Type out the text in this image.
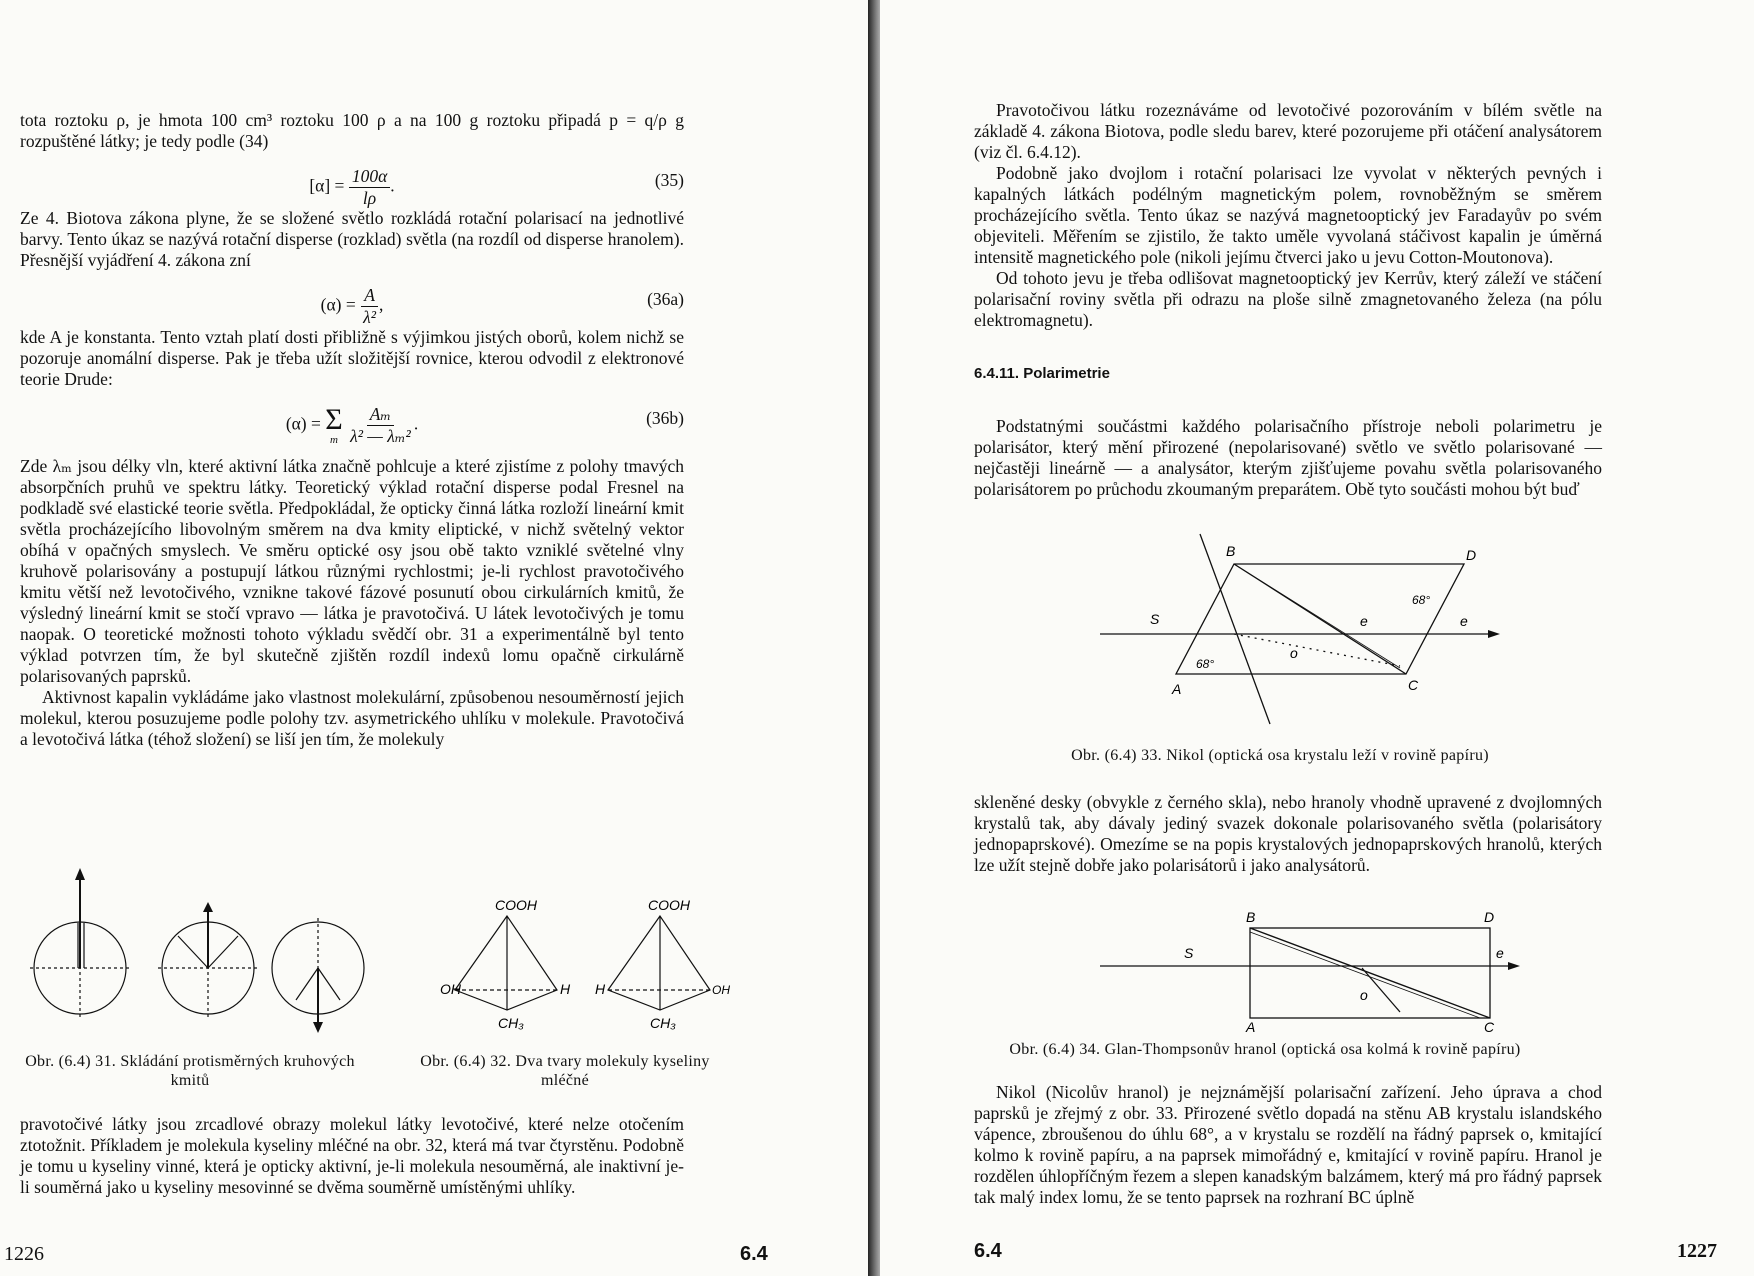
tota roztoku ρ, je hmota 100 cm³ roztoku 100 ρ a na 100 g roztoku připadá p = q/ρ g rozpuštěné látky; je tedy podle (34)

$[\alpha] = \frac{100\alpha}{l\rho}$ .	(35)

Ze 4. Biotova zákona plyne, že se složené světlo rozkládá rotační polarisací na jednotlivé barvy. Tento úkaz se nazývá rotační disperse (rozklad) světla (na rozdíl od disperse hranolem). Přesnější vyjádření 4. zákona zní

$(\alpha) = \frac{A}{\text{λ²}}$ ,	(36a)

kde A je konstanta. Tento vztah platí dosti přibližně s výjimkou jistých oborů, kolem nichž se pozoruje anomální disperse. Pak je třeba užít složitější rovnice, kterou odvodil z elektronové teorie Drude:

(α) = Σ
m
$\frac{\text{Aₘ}}{\text{λ² — λₘ²}}$ .	(36b)

Zde λₘ jsou délky vln, které aktivní látka značně pohlcuje a které zjistíme z polohy tmavých absorpčních pruhů ve spektru látky. Teoretický výklad rotační disperse podal Fresnel na podkladě své elastické teorie světla. Předpokládal, že opticky činná látka rozloží lineární kmit světla procházejícího libovolným směrem na dva kmity eliptické, v nichž světelný vektor obíhá v opačných smyslech. Ve směru optické osy jsou obě takto vzniklé světelné vlny kruhově polarisovány a postupují látkou různými rychlostmi; je-li rychlost pravotočivého kmitu větší než levotočivého, vznikne takové fázové posunutí obou cirkulárních kmitů, že výsledný lineární kmit se stočí vpravo — látka je pravotočivá. U látek levotočivých je tomu naopak. O teoretické možnosti tohoto výkladu svědčí obr. 31 a experimentálně byl tento výklad potvrzen tím, že byl skutečně zjištěn rozdíl indexů lomu opačně cirkulárně polarisovaných paprsků.

Aktivnost kapalin vykládáme jako vlastnost molekulární, způsobenou nesouměrností jejich molekul, kterou posuzujeme podle polohy tzv. asymetrického uhlíku v molekule. Pravotočivá a levotočivá látka (téhož složení) se liší jen tím, že molekuly

Obr. (6.4) 31. Skládání protisměrných kruhových kmitů
COOH
OH	H
CH₃
COOH
H	OH
CH₃
Obr. (6.4) 32. Dva tvary molekuly kyseliny mléčné

pravotočivé látky jsou zrcadlové obrazy molekul látky levotočivé, které nelze otočením ztotožnit. Příkladem je molekula kyseliny mléčné na obr. 32, která má tvar čtyrstěnu. Podobně je tomu u kyseliny vinné, která je opticky aktivní, je-li molekula nesouměrná, ale inaktivní je-li souměrná jako u kyseliny mesovinné se dvěma souměrně umístěnými uhlíky.

1226	6.4

Pravotočivou látku rozeznáváme od levotočivé pozorováním v bílém světle na základě 4. zákona Biotova, podle sledu barev, které pozorujeme při otáčení analysátorem (viz čl. 6.4.12).

Podobně jako dvojlom i rotační polarisaci lze vyvolat v některých pevných i kapalných látkách podélným magnetickým polem, rovnoběžným se směrem procházejícího světla. Tento úkaz se nazývá magnetooptický jev Faradayův po svém objeviteli. Měřením se zjistilo, že takto uměle vyvolaná stáčivost kapalin je úměrná intensitě magnetického pole (nikoli jejímu čtverci jako u jevu Cotton-Moutonova).

Od tohoto jevu je třeba odlišovat magnetooptický jev Kerrův, který záleží ve stáčení polarisační roviny světla při odrazu na ploše silně zmagnetovaného železa (na pólu elektromagnetu).

6.4.11. Polarimetrie

Podstatnými součástmi každého polarisačního přístroje neboli polarimetru je polarisátor, který mění přirozené (nepolarisované) světlo ve světlo polarisované — nejčastěji lineárně — a analysátor, kterým zjišťujeme povahu světla polarisovaného polarisátorem po průchodu zkoumaným preparátem. Obě tyto součásti mohou být buď

B	D
A	C
S	e	e
o
68°
68°
Obr. (6.4) 33. Nikol (optická osa krystalu leží v rovině papíru)

skleněné desky (obvykle z černého skla), nebo hranoly vhodně upravené z dvojlomných krystalů tak, aby dávaly jediný svazek dokonale polarisovaného světla (polarisátory jednopaprskové). Omezíme se na popis krystalových jednopaprskových hranolů, kterých lze užít stejně dobře jako polarisátorů i jako analysátorů.

B	D
A	C
S	e
o
Obr. (6.4) 34. Glan-Thompsonův hranol (optická osa kolmá k rovině papíru)

Nikol (Nicolův hranol) je nejznámější polarisační zařízení. Jeho úprava a chod paprsků je zřejmý z obr. 33. Přirozené světlo dopadá na stěnu AB krystalu islandského vápence, zbroušenou do úhlu 68°, a v krystalu se rozdělí na řádný paprsek o, kmitající kolmo k rovině papíru, a na paprsek mimořádný e, kmitající v rovině papíru. Hranol je rozdělen úhlopříčným řezem a slepen kanadským balzámem, který má pro řádný paprsek tak malý index lomu, že se tento paprsek na rozhraní BC úplně

6.4	1227
